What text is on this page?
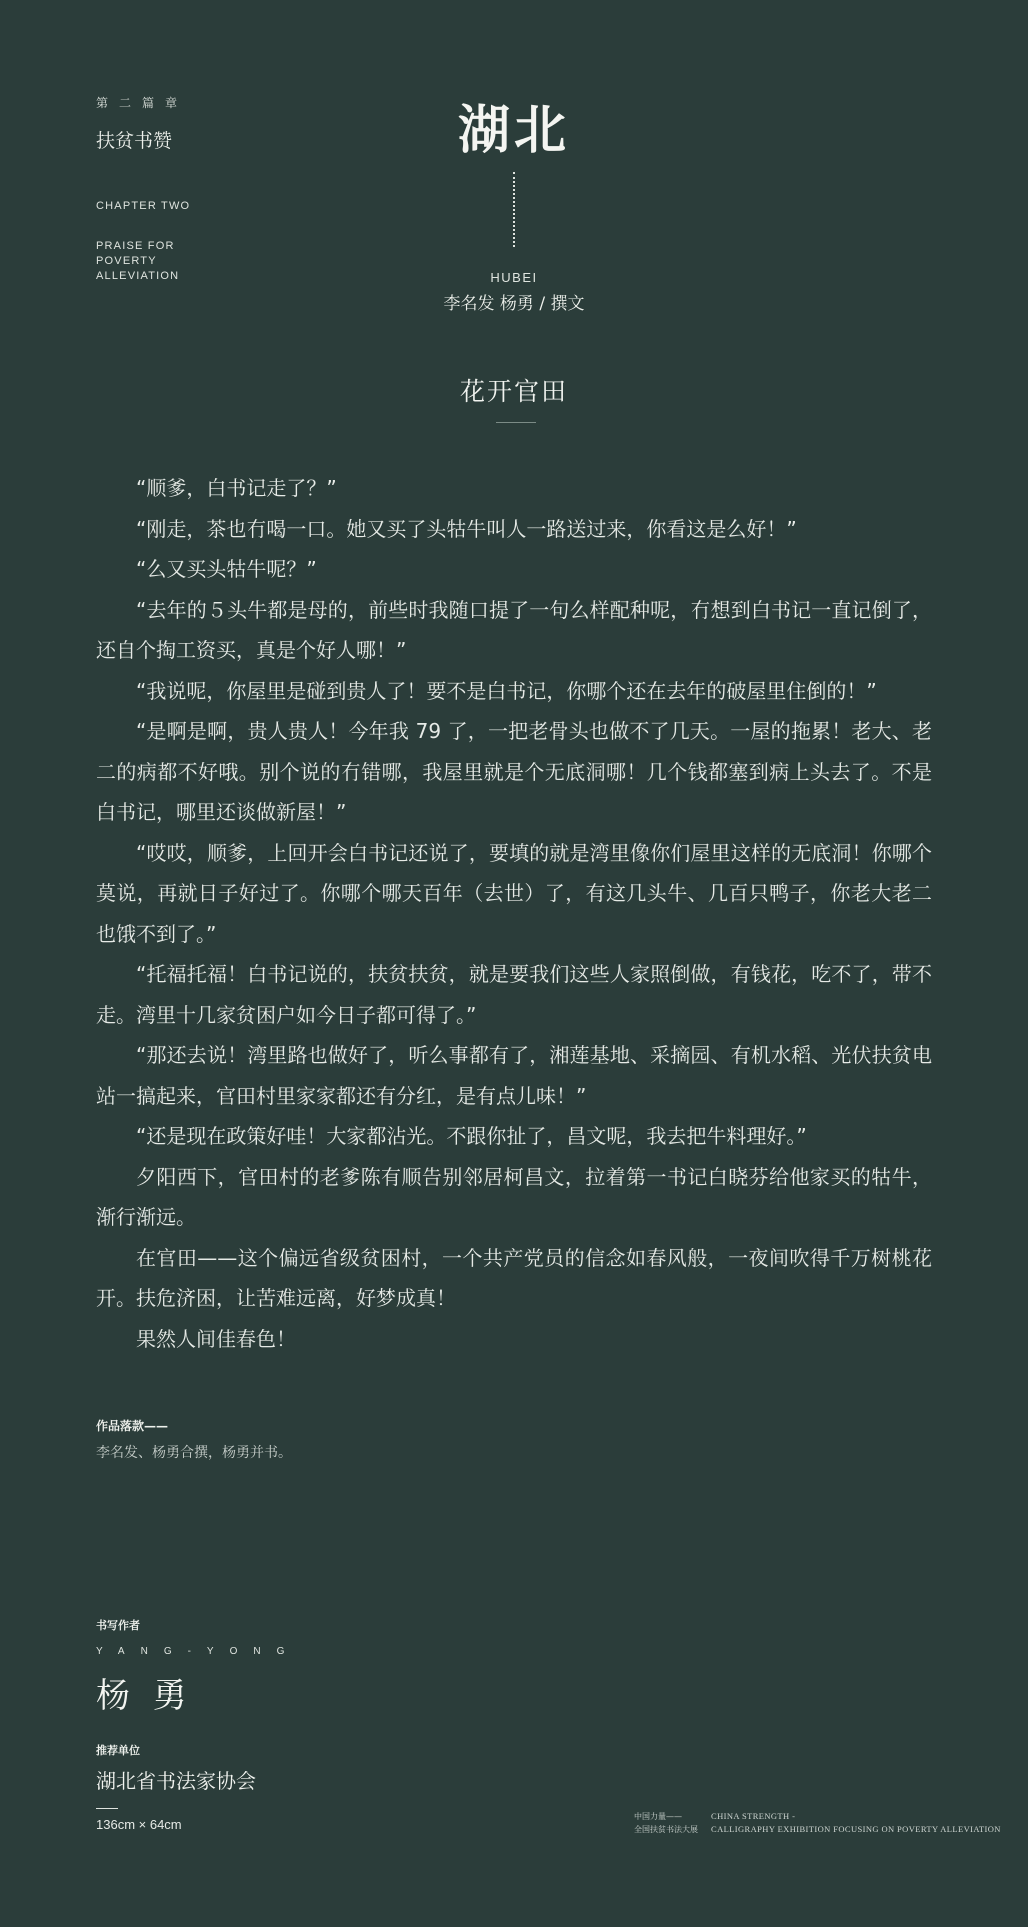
第二篇章
扶贫书赞
CHAPTER TWO
PRAISE FOR
POVERTY
ALLEVIATION
湖北
HUBEI
李名发 杨勇 / 撰文
花开官田

“顺爹，白书记走了？”

“刚走，茶也冇喝一口。她又买了头牯牛叫人一路送过来，你看这是么好！”

“么又买头牯牛呢？”

“去年的５头牛都是母的，前些时我随口提了一句么样配种呢，冇想到白书记一直记倒了，还自个掏工资买，真是个好人哪！”

“我说呢，你屋里是碰到贵人了！要不是白书记，你哪个还在去年的破屋里住倒的！”

“是啊是啊，贵人贵人！今年我 79 了，一把老骨头也做不了几天。一屋的拖累！老大、老二的病都不好哦。别个说的冇错哪，我屋里就是个无底洞哪！几个钱都塞到病上头去了。不是白书记，哪里还谈做新屋！”

“哎哎，顺爹，上回开会白书记还说了，要填的就是湾里像你们屋里这样的无底洞！你哪个莫说，再就日子好过了。你哪个哪天百年（去世）了，有这几头牛、几百只鸭子，你老大老二也饿不到了。”

“托福托福！白书记说的，扶贫扶贫，就是要我们这些人家照倒做，有钱花，吃不了，带不走。湾里十几家贫困户如今日子都可得了。”

“那还去说！湾里路也做好了，听么事都有了，湘莲基地、采摘园、有机水稻、光伏扶贫电站一搞起来，官田村里家家都还有分红，是有点儿味！”

“还是现在政策好哇！大家都沾光。不跟你扯了，昌文呢，我去把牛料理好。”

夕阳西下，官田村的老爹陈有顺告别邻居柯昌文，拉着第一书记白晓芬给他家买的牯牛，渐行渐远。

在官田——这个偏远省级贫困村，一个共产党员的信念如春风般，一夜间吹得千万树桃花开。扶危济困，让苦难远离，好梦成真！

果然人间佳春色！

作品落款——
李名发、杨勇合撰，杨勇并书。
书写作者
YANG-YONG
杨 勇
推荐单位
湖北省书法家协会
136cm × 64cm
中国力量——
全国扶贫书法大展
CHINA STRENGTH -
CALLIGRAPHY EXHIBITION FOCUSING ON POVERTY ALLEVIATION
